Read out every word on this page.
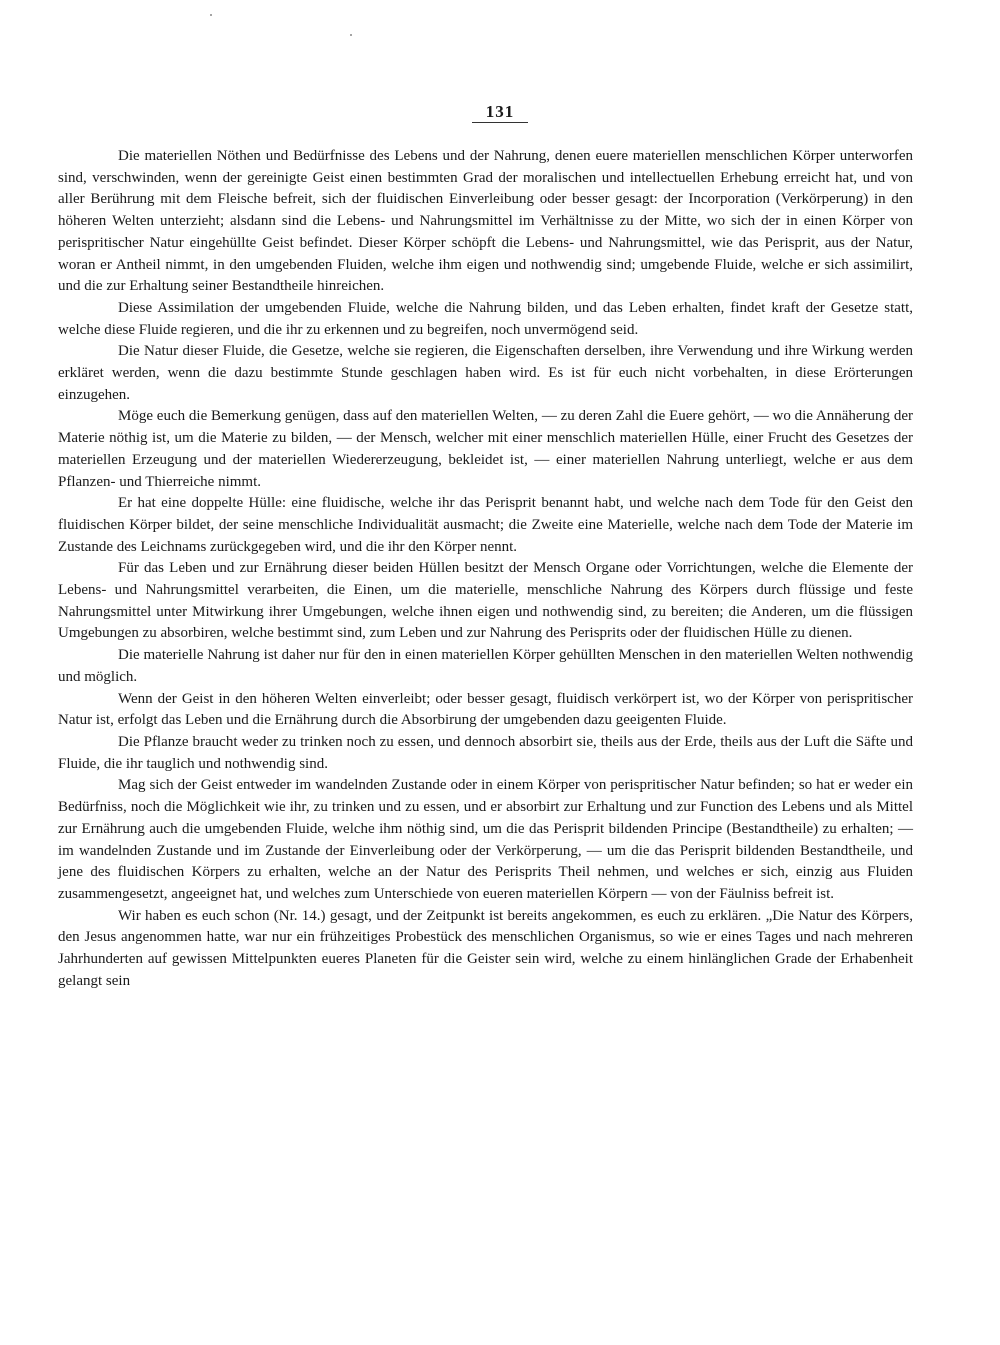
131

Die materiellen Nöthen und Bedürfnisse des Lebens und der Nahrung, denen euere materiellen menschlichen Körper unterworfen sind, verschwinden, wenn der gereinigte Geist einen bestimmten Grad der moralischen und intellectuellen Erhebung erreicht hat, und von aller Berührung mit dem Fleische befreit, sich der fluidischen Einverleibung oder besser gesagt: der Incorporation (Verkörperung) in den höheren Welten unterzieht; alsdann sind die Lebens- und Nahrungsmittel im Verhältnisse zu der Mitte, wo sich der in einen Körper von perispritischer Natur eingehüllte Geist befindet. Dieser Körper schöpft die Lebens- und Nahrungsmittel, wie das Perisprit, aus der Natur, woran er Antheil nimmt, in den umgebenden Fluiden, welche ihm eigen und nothwendig sind; umgebende Fluide, welche er sich assimilirt, und die zur Erhaltung seiner Bestandtheile hinreichen.

Diese Assimilation der umgebenden Fluide, welche die Nahrung bilden, und das Leben erhalten, findet kraft der Gesetze statt, welche diese Fluide regieren, und die ihr zu erkennen und zu begreifen, noch unvermögend seid.

Die Natur dieser Fluide, die Gesetze, welche sie regieren, die Eigenschaften derselben, ihre Verwendung und ihre Wirkung werden erkläret werden, wenn die dazu bestimmte Stunde geschlagen haben wird. Es ist für euch nicht vorbehalten, in diese Erörterungen einzugehen.

Möge euch die Bemerkung genügen, dass auf den materiellen Welten, — zu deren Zahl die Euere gehört, — wo die Annäherung der Materie nöthig ist, um die Materie zu bilden, — der Mensch, welcher mit einer menschlich materiellen Hülle, einer Frucht des Gesetzes der materiellen Erzeugung und der materiellen Wiedererzeugung, bekleidet ist, — einer materiellen Nahrung unterliegt, welche er aus dem Pflanzen- und Thierreiche nimmt.

Er hat eine doppelte Hülle: eine fluidische, welche ihr das Perisprit benannt habt, und welche nach dem Tode für den Geist den fluidischen Körper bildet, der seine menschliche Individualität ausmacht; die Zweite eine Materielle, welche nach dem Tode der Materie im Zustande des Leichnams zurückgegeben wird, und die ihr den Körper nennt.

Für das Leben und zur Ernährung dieser beiden Hüllen besitzt der Mensch Organe oder Vorrichtungen, welche die Elemente der Lebens- und Nahrungsmittel verarbeiten, die Einen, um die materielle, menschliche Nahrung des Körpers durch flüssige und feste Nahrungsmittel unter Mitwirkung ihrer Umgebungen, welche ihnen eigen und nothwendig sind, zu bereiten; die Anderen, um die flüssigen Umgebungen zu absorbiren, welche bestimmt sind, zum Leben und zur Nahrung des Perisprits oder der fluidischen Hülle zu dienen.

Die materielle Nahrung ist daher nur für den in einen materiellen Körper gehüllten Menschen in den materiellen Welten nothwendig und möglich.

Wenn der Geist in den höheren Welten einverleibt; oder besser gesagt, fluidisch verkörpert ist, wo der Körper von perispritischer Natur ist, erfolgt das Leben und die Ernährung durch die Absorbirung der umgebenden dazu geeigenten Fluide.

Die Pflanze braucht weder zu trinken noch zu essen, und dennoch absorbirt sie, theils aus der Erde, theils aus der Luft die Säfte und Fluide, die ihr tauglich und nothwendig sind.

Mag sich der Geist entweder im wandelnden Zustande oder in einem Körper von perispritischer Natur befinden; so hat er weder ein Bedürfniss, noch die Möglichkeit wie ihr, zu trinken und zu essen, und er absorbirt zur Erhaltung und zur Function des Lebens und als Mittel zur Ernährung auch die umgebenden Fluide, welche ihm nöthig sind, um die das Perisprit bildenden Principe (Bestandtheile) zu erhalten; — im wandelnden Zustande und im Zustande der Einverleibung oder der Verkörperung, — um die das Perisprit bildenden Bestandtheile, und jene des fluidischen Körpers zu erhalten, welche an der Natur des Perisprits Theil nehmen, und welches er sich, einzig aus Fluiden zusammengesetzt, angeeignet hat, und welches zum Unterschiede von eueren materiellen Körpern — von der Fäulniss befreit ist.

Wir haben es euch schon (Nr. 14.) gesagt, und der Zeitpunkt ist bereits angekommen, es euch zu erklären. „Die Natur des Körpers, den Jesus angenommen hatte, war nur ein frühzeitiges Probestück des menschlichen Organismus, so wie er eines Tages und nach mehreren Jahrhunderten auf gewissen Mittelpunkten eueres Planeten für die Geister sein wird, welche zu einem hinlänglichen Grade der Erhabenheit gelangt sein
